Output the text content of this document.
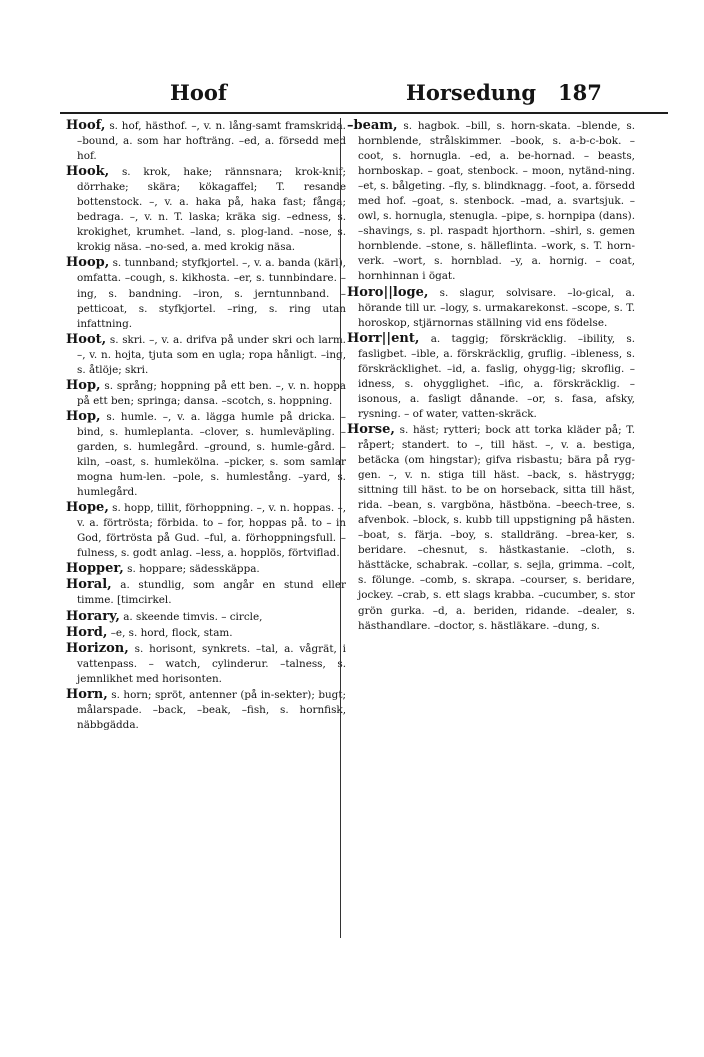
Hoof	Horsedung 187
Hoof, s. hof, hästhof. –, v. n. lång-samt framskrida. –bound, a. som har hofträng. –ed, a. försedd med hof.
Hook, s. krok, hake; rännsnara; krok-knif; dörrhake; skära; kökagaffel; T. resande bottenstock. –, v. a. haka på, haka fast; fånga; bedraga. –, v. n. T. laska; kräka sig. –edness, s. krokighet, krumhet. –land, s. plog-land. –nose, s. krokig näsa. –no-sed, a. med krokig näsa.
Hoop, s. tunnband; styfkjortel. –, v. a. banda (kärl), omfatta. –cough, s. kikhosta. –er, s. tunnbindare. –ing, s. bandning. –iron, s. jerntunnband. –petticoat, s. styfkjortel. –ring, s. ring utan infattning.
Hoot, s. skri. –, v. a. drifva på under skri och larm. –, v. n. hojta, tjuta som en ugla; ropa hånligt. –ing, s. åtlöje; skri.
Hop, s. språng; hoppning på ett ben. –, v. n. hoppa på ett ben; springa; dansa. –scotch, s. hoppning.
Hop, s. humle. –, v. a. lägga humle på dricka. –bind, s. humleplanta. –clover, s. humleväpling. –garden, s. humlegård. –ground, s. humle-gård. –kiln, –oast, s. humlekölna. –picker, s. som samlar mogna hum-len. –pole, s. humlestång. –yard, s. humlegård.
Hope, s. hopp, tillit, förhoppning. –, v. n. hoppas. –, v. a. förtrösta; förbida. to – for, hoppas på. to – in God, förtrösta på Gud. –ful, a. förhoppningsfull. –fulness, s. godt anlag. –less, a. hopplös, förtviflad.
Hopper, s. hoppare; sädesskäppa.
Horal, a. stundlig, som angår en stund eller timme. [timcirkel.
Horary, a. skeende timvis. – circle,
Hord, –e, s. hord, flock, stam.
Horizon, s. horisont, synkrets. –tal, a. vågrät, i vattenpass. – watch, cylinderur. –talness, s. jemnlikhet med horisonten.
Horn, s. horn; spröt, antenner (på in-sekter); bugt; målarspade. –back, –beak, –fish, s. hornfisk, näbbgädda.
–beam, s. hagbok. –bill, s. horn-skata. –blende, s. hornblende, strålskimmer. –book, s. a-b-c-bok. –coot, s. hornugla. –ed, a. be-hornad. – beasts, hornboskap. – goat, stenbock. – moon, nytänd-ning. –et, s. bålgeting. –fly, s. blindknagg. –foot, a. försedd med hof. –goat, s. stenbock. –mad, a. svartsjuk. –owl, s. hornugla, stenugla. –pipe, s. hornpipa (dans). –shavings, s. pl. raspadt hjorthorn. –shirl, s. gemen hornblende. –stone, s. hälleflinta. –work, s. T. horn-verk. –wort, s. hornblad. –y, a. hornig. – coat, hornhinnan i ögat.
Horo||loge, s. slagur, solvisare. –lo-gical, a. hörande till ur. –logy, s. urmakarekonst. –scope, s. T. horoskop, stjärnornas ställning vid ens födelse.
Horr||ent, a. taggig; förskräcklig. –ibility, s. fasligbet. –ible, a. förskräcklig, gruflig. –ibleness, s. förskräcklighet. –id, a. faslig, ohygg-lig; skroflig. –idness, s. ohygglighet. –ific, a. förskräcklig. –isonous, a. fasligt dånande. –or, s. fasa, afsky, rysning. – of water, vatten-skräck.
Horse, s. häst; rytteri; bock att torka kläder på; T. råpert; standert. to –, till häst. –, v. a. bestiga, betäcka (om hingstar); gifva risbastu; bära på ryg-gen. –, v. n. stiga till häst. –back, s. hästrygg; sittning till häst. to be on horseback, sitta till häst, rida. –bean, s. vargböna, hästböna. –beech-tree, s. afvenbok. –block, s. kubb till uppstigning på hästen. –boat, s. färja. –boy, s. stalldräng. –brea-ker, s. beridare. –chesnut, s. hästkastanie. –cloth, s. hästtäcke, schabrak. –collar, s. sejla, grimma. –colt, s. fölunge. –comb, s. skrapa. –courser, s. beridare, jockey. –crab, s. ett slags krabba. –cucumber, s. stor grön gurka. –d, a. beriden, ridande. –dealer, s. hästhandlare. –doctor, s. hästläkare. –dung, s.
